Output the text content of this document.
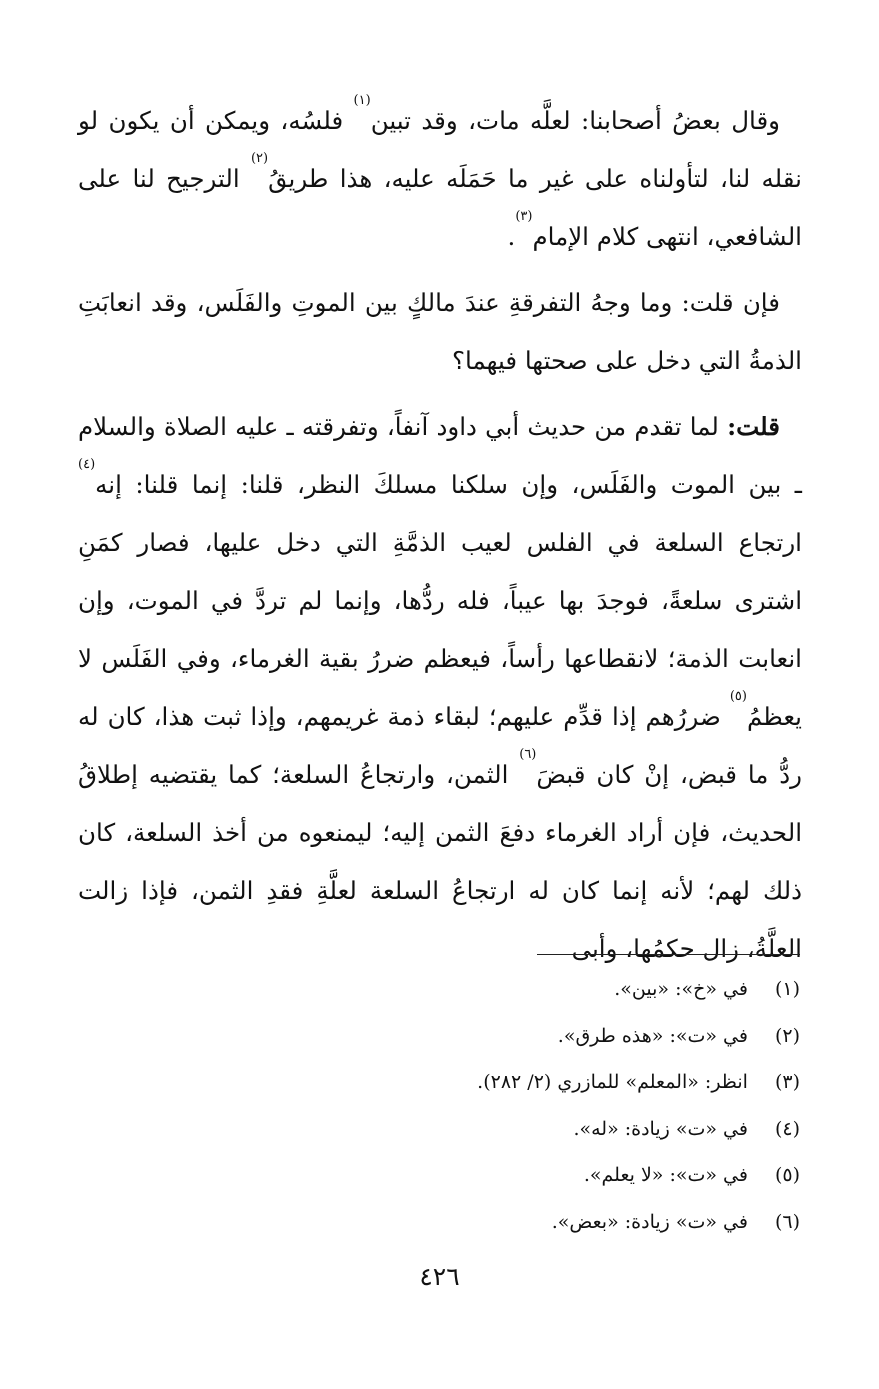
وقال بعضُ أصحابنا: لعلَّه مات، وقد تبين$^{(١)}$ فلسُه، ويمكن أن يكون لو نقله لنا، لتأولناه على غير ما حَمَلَه عليه، هذا طريقُ$^{(٢)}$ الترجيح لنا على الشافعي، انتهى كلام الإمام$^{(٣)}$.

فإن قلت: وما وجهُ التفرقةِ عندَ مالكٍ بين الموتِ والفَلَس، وقد انعابَتِ الذمةُ التي دخل على صحتها فيهما؟

قلت: لما تقدم من حديث أبي داود آنفاً، وتفرقته ـ عليه الصلاة والسلام ـ بين الموت والفَلَس، وإن سلكنا مسلكَ النظر، قلنا: إنما قلنا: إنه$^{(٤)}$ ارتجاع السلعة في الفلس لعيب الذمَّةِ التي دخل عليها، فصار كمَنِ اشترى سلعةً، فوجدَ بها عيباً، فله ردُّها، وإنما لم تردَّ في الموت، وإن انعابت الذمة؛ لانقطاعها رأساً، فيعظم ضررُ بقية الغرماء، وفي الفَلَس لا يعظمُ$^{(٥)}$ ضررُهم إذا قدِّم عليهم؛ لبقاء ذمة غريمهم، وإذا ثبت هذا، كان له ردُّ ما قبض، إنْ كان قبضَ$^{(٦)}$ الثمن، وارتجاعُ السلعة؛ كما يقتضيه إطلاقُ الحديث، فإن أراد الغرماء دفعَ الثمن إليه؛ ليمنعوه من أخذ السلعة، كان ذلك لهم؛ لأنه إنما كان له ارتجاعُ السلعة لعلَّةِ فقدِ الثمن، فإذا زالت العلَّةُ، زال حكمُها، وأبى

(١) في «خ»: «بين».
(٢) في «ت»: «هذه طرق».
(٣) انظر: «المعلم» للمازري (٢/ ٢٨٢).
(٤) في «ت» زيادة: «له».
(٥) في «ت»: «لا يعلم».
(٦) في «ت» زيادة: «بعض».
٤٢٦
